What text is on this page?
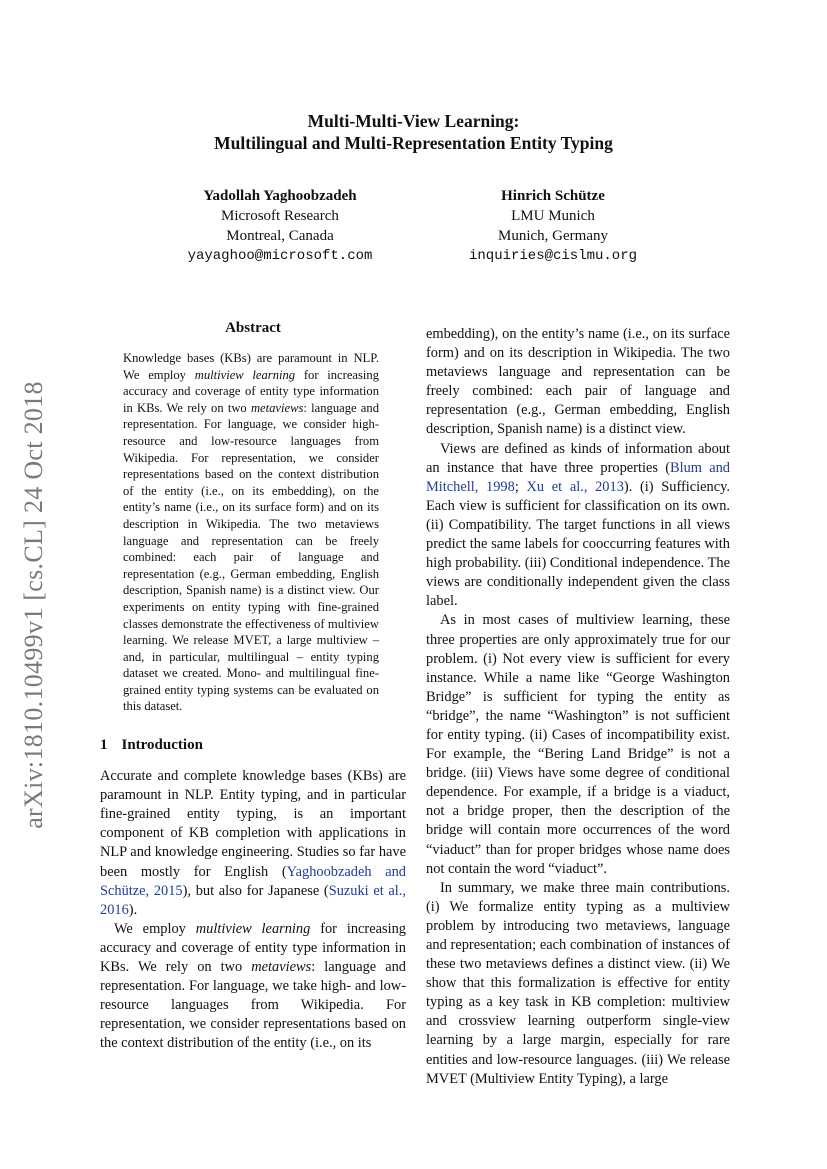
Multi-Multi-View Learning:
Multilingual and Multi-Representation Entity Typing
Yadollah Yaghoobzadeh
Microsoft Research
Montreal, Canada
yayaghoo@microsoft.com
Hinrich Schütze
LMU Munich
Munich, Germany
inquiries@cislmu.org
arXiv:1810.10499v1 [cs.CL] 24 Oct 2018
Abstract

Knowledge bases (KBs) are paramount in NLP. We employ multiview learning for increasing accuracy and coverage of entity type information in KBs. We rely on two metaviews: language and representation. For language, we consider high-resource and low-resource languages from Wikipedia. For representation, we consider representations based on the context distribution of the entity (i.e., on its embedding), on the entity’s name (i.e., on its surface form) and on its description in Wikipedia. The two metaviews language and representation can be freely combined: each pair of language and representation (e.g., German embedding, English description, Spanish name) is a distinct view. Our experiments on entity typing with fine-grained classes demonstrate the effectiveness of multiview learning. We release MVET, a large multiview – and, in particular, multilingual – entity typing dataset we created. Mono- and multilingual fine-grained entity typing systems can be evaluated on this dataset.

1 Introduction

Accurate and complete knowledge bases (KBs) are paramount in NLP. Entity typing, and in particular fine-grained entity typing, is an important component of KB completion with applications in NLP and knowledge engineering. Studies so far have been mostly for English (Yaghoobzadeh and Schütze, 2015), but also for Japanese (Suzuki et al., 2016).

We employ multiview learning for increasing accuracy and coverage of entity type information in KBs. We rely on two metaviews: language and representation. For language, we take high- and low-resource languages from Wikipedia. For representation, we consider representations based on the context distribution of the entity (i.e., on its

embedding), on the entity’s name (i.e., on its surface form) and on its description in Wikipedia. The two metaviews language and representation can be freely combined: each pair of language and representation (e.g., German embedding, English description, Spanish name) is a distinct view.

Views are defined as kinds of information about an instance that have three properties (Blum and Mitchell, 1998; Xu et al., 2013). (i) Sufficiency. Each view is sufficient for classification on its own. (ii) Compatibility. The target functions in all views predict the same labels for cooccurring features with high probability. (iii) Conditional independence. The views are conditionally independent given the class label.

As in most cases of multiview learning, these three properties are only approximately true for our problem. (i) Not every view is sufficient for every instance. While a name like “George Washington Bridge” is sufficient for typing the entity as “bridge”, the name “Washington” is not sufficient for entity typing. (ii) Cases of incompatibility exist. For example, the “Bering Land Bridge” is not a bridge. (iii) Views have some degree of conditional dependence. For example, if a bridge is a viaduct, not a bridge proper, then the description of the bridge will contain more occurrences of the word “viaduct” than for proper bridges whose name does not contain the word “viaduct”.

In summary, we make three main contributions. (i) We formalize entity typing as a multiview problem by introducing two metaviews, language and representation; each combination of instances of these two metaviews defines a distinct view. (ii) We show that this formalization is effective for entity typing as a key task in KB completion: multiview and crossview learning outperform single-view learning by a large margin, especially for rare entities and low-resource languages. (iii) We release MVET (Multiview Entity Typing), a large
